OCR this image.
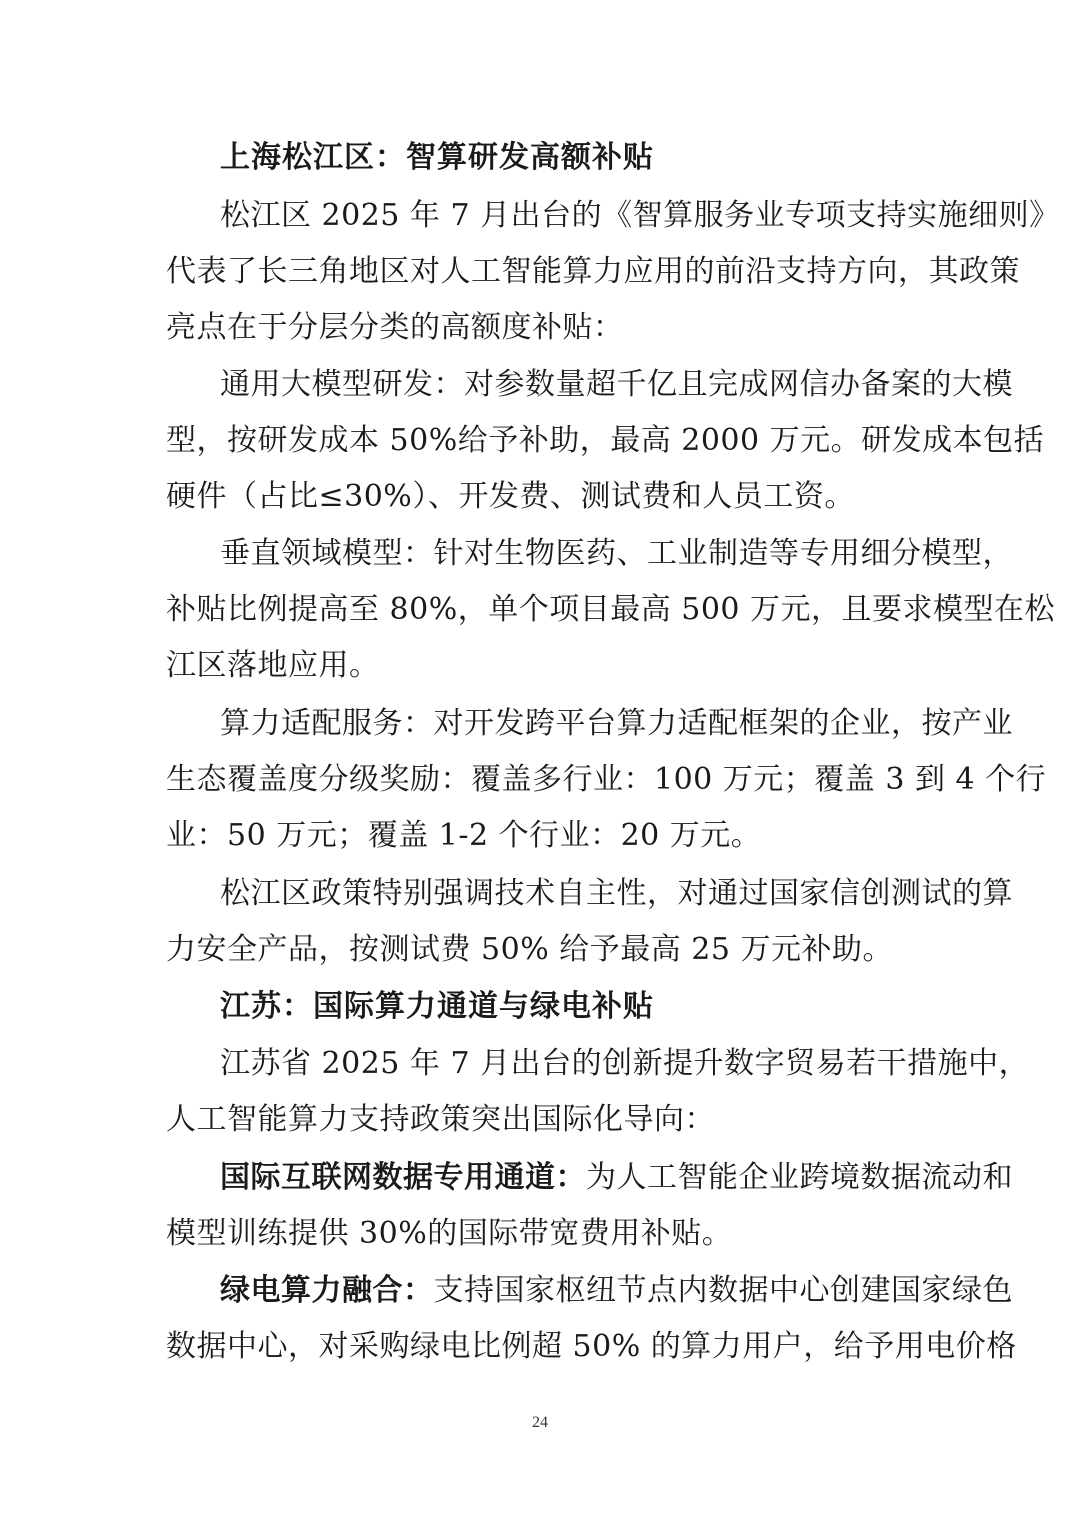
上海松江区：智算研发高额补贴
松江区 2025 年 7 月出台的《智算服务业专项支持实施细则》
代表了长三角地区对人工智能算力应用的前沿支持方向，其政策
亮点在于分层分类的高额度补贴：
通用大模型研发：对参数量超千亿且完成网信办备案的大模
型，按研发成本 50%给予补助，最高 2000 万元。研发成本包括
硬件（占比≤30%）、开发费、测试费和人员工资。
垂直领域模型：针对生物医药、工业制造等专用细分模型，
补贴比例提高至 80%，单个项目最高 500 万元，且要求模型在松
江区落地应用。
算力适配服务：对开发跨平台算力适配框架的企业，按产业
生态覆盖度分级奖励：覆盖多行业：100 万元；覆盖 3 到 4 个行
业：50 万元；覆盖 1-2 个行业：20 万元。
松江区政策特别强调技术自主性，对通过国家信创测试的算
力安全产品，按测试费 50% 给予最高 25 万元补助。
江苏：国际算力通道与绿电补贴
江苏省 2025 年 7 月出台的创新提升数字贸易若干措施中，
人工智能算力支持政策突出国际化导向：
国际互联网数据专用通道：为人工智能企业跨境数据流动和
模型训练提供 30%的国际带宽费用补贴。
绿电算力融合：支持国家枢纽节点内数据中心创建国家绿色
数据中心，对采购绿电比例超 50% 的算力用户，给予用电价格
24
